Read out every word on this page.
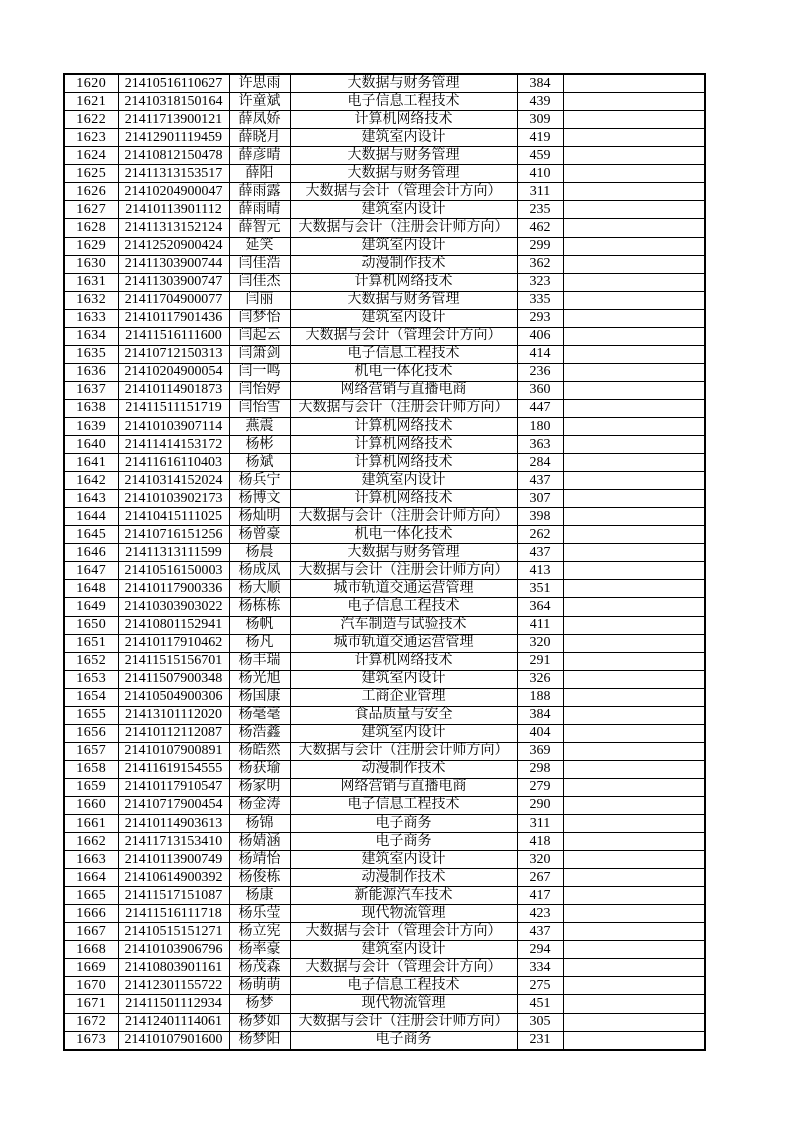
1620	21410516110627	许思雨	大数据与财务管理	384	
1621	21410318150164	许童斌	电子信息工程技术	439	
1622	21411713900121	薛凤娇	计算机网络技术	309	
1623	21412901119459	薛晓月	建筑室内设计	419	
1624	21410812150478	薛彦晴	大数据与财务管理	459	
1625	21411313153517	薛阳	大数据与财务管理	410	
1626	21410204900047	薛雨露	大数据与会计（管理会计方向）	311	
1627	21410113901112	薛雨晴	建筑室内设计	235	
1628	21411313152124	薛智元	大数据与会计（注册会计师方向）	462	
1629	21412520900424	延笑	建筑室内设计	299	
1630	21411303900744	闫佳浩	动漫制作技术	362	
1631	21411303900747	闫佳杰	计算机网络技术	323	
1632	21411704900077	闫丽	大数据与财务管理	335	
1633	21410117901436	闫梦怡	建筑室内设计	293	
1634	21411516111600	闫起云	大数据与会计（管理会计方向）	406	
1635	21410712150313	闫箫剑	电子信息工程技术	414	
1636	21410204900054	闫一鸣	机电一体化技术	236	
1637	21410114901873	闫怡婷	网络营销与直播电商	360	
1638	21411511151719	闫怡雪	大数据与会计（注册会计师方向）	447	
1639	21410103907114	燕震	计算机网络技术	180	
1640	21411414153172	杨彬	计算机网络技术	363	
1641	21411616110403	杨斌	计算机网络技术	284	
1642	21410314152024	杨兵宁	建筑室内设计	437	
1643	21410103902173	杨博文	计算机网络技术	307	
1644	21410415111025	杨灿明	大数据与会计（注册会计师方向）	398	
1645	21410716151256	杨曾豪	机电一体化技术	262	
1646	21411313111599	杨晨	大数据与财务管理	437	
1647	21410516150003	杨成凤	大数据与会计（注册会计师方向）	413	
1648	21410117900336	杨大顺	城市轨道交通运营管理	351	
1649	21410303903022	杨栋栋	电子信息工程技术	364	
1650	21410801152941	杨帆	汽车制造与试验技术	411	
1651	21410117910462	杨凡	城市轨道交通运营管理	320	
1652	21411515156701	杨丰瑞	计算机网络技术	291	
1653	21411507900348	杨光旭	建筑室内设计	326	
1654	21410504900306	杨国康	工商企业管理	188	
1655	21413101112020	杨毫毫	食品质量与安全	384	
1656	21410112112087	杨浩鑫	建筑室内设计	404	
1657	21410107900891	杨皓然	大数据与会计（注册会计师方向）	369	
1658	21411619154555	杨获瑜	动漫制作技术	298	
1659	21410117910547	杨家明	网络营销与直播电商	279	
1660	21410717900454	杨金涛	电子信息工程技术	290	
1661	21410114903613	杨锦	电子商务	311	
1662	21411713153410	杨婧涵	电子商务	418	
1663	21410113900749	杨靖怡	建筑室内设计	320	
1664	21410614900392	杨俊栋	动漫制作技术	267	
1665	21411517151087	杨康	新能源汽车技术	417	
1666	21411516111718	杨乐莹	现代物流管理	423	
1667	21410515151271	杨立宪	大数据与会计（管理会计方向）	437	
1668	21410103906796	杨率豪	建筑室内设计	294	
1669	21410803901161	杨茂森	大数据与会计（管理会计方向）	334	
1670	21412301155722	杨萌萌	电子信息工程技术	275	
1671	21411501112934	杨梦	现代物流管理	451	
1672	21412401114061	杨梦如	大数据与会计（注册会计师方向）	305	
1673	21410107901600	杨梦阳	电子商务	231	
